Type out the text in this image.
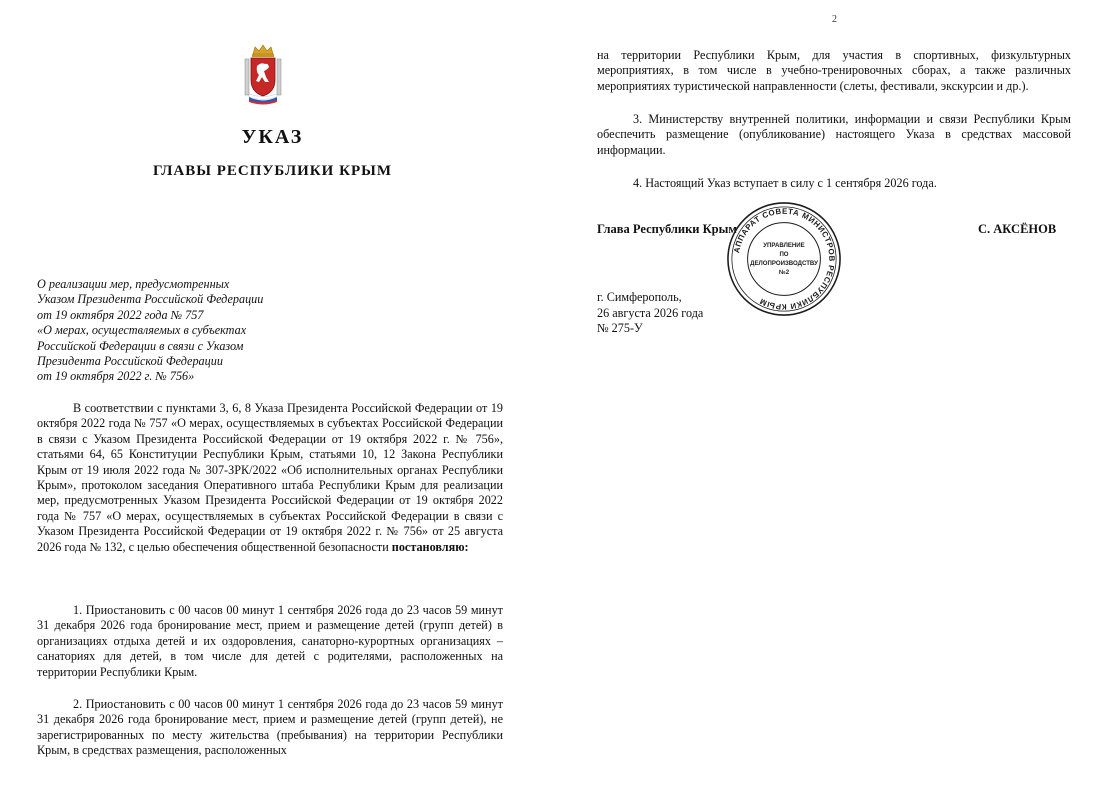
УКАЗ
ГЛАВЫ РЕСПУБЛИКИ КРЫМ
О реализации мер, предусмотренных
Указом Президента Российской Федерации
от 19 октября 2022 года № 757
«О мерах, осуществляемых в субъектах
Российской Федерации в связи с Указом
Президента Российской Федерации
от 19 октября 2022 г. № 756»
В соответствии с пунктами 3, 6, 8 Указа Президента Российской Федерации от 19 октября 2022 года № 757 «О мерах, осуществляемых в субъектах Российской Федерации в связи с Указом Президента Российской Федерации от 19 октября 2022 г. № 756», статьями 64, 65 Конституции Республики Крым, статьями 10, 12 Закона Республики Крым от 19 июля 2022 года № 307-ЗРК/2022 «Об исполнительных органах Республики Крым», протоколом заседания Оперативного штаба Республики Крым для реализации мер, предусмотренных Указом Президента Российской Федерации от 19 октября 2022 года № 757 «О мерах, осуществляемых в субъектах Российской Федерации в связи с Указом Президента Российской Федерации от 19 октября 2022 г. № 756» от 25 августа 2026 года № 132, с целью обеспечения общественной безопасности постановляю:
1. Приостановить с 00 часов 00 минут 1 сентября 2026 года до 23 часов 59 минут 31 декабря 2026 года бронирование мест, прием и размещение детей (групп детей) в организациях отдыха детей и их оздоровления, санаторно-курортных организациях – санаториях для детей, в том числе для детей с родителями, расположенных на территории Республики Крым.
2. Приостановить с 00 часов 00 минут 1 сентября 2026 года до 23 часов 59 минут 31 декабря 2026 года бронирование мест, прием и размещение детей (групп детей), не зарегистрированных по месту жительства (пребывания) на территории Республики Крым, в средствах размещения, расположенных
2
на территории Республики Крым, для участия в спортивных, физкультурных мероприятиях, в том числе в учебно-тренировочных сборах, а также различных мероприятиях туристической направленности (слеты, фестивали, экскурсии и др.).
3. Министерству внутренней политики, информации и связи Республики Крым обеспечить размещение (опубликование) настоящего Указа в средствах массовой информации.
4. Настоящий Указ вступает в силу с 1 сентября 2026 года.
Глава Республики Крым	С. АКСЁНОВ
АППАРАТ СОВЕТА МИНИСТРОВ РЕСПУБЛИКИ КРЫМ
УПРАВЛЕНИЕ
ПО
ДЕЛОПРОИЗВОДСТВУ
№2
г. Симферополь,
26 августа 2026 года
№ 275-У
